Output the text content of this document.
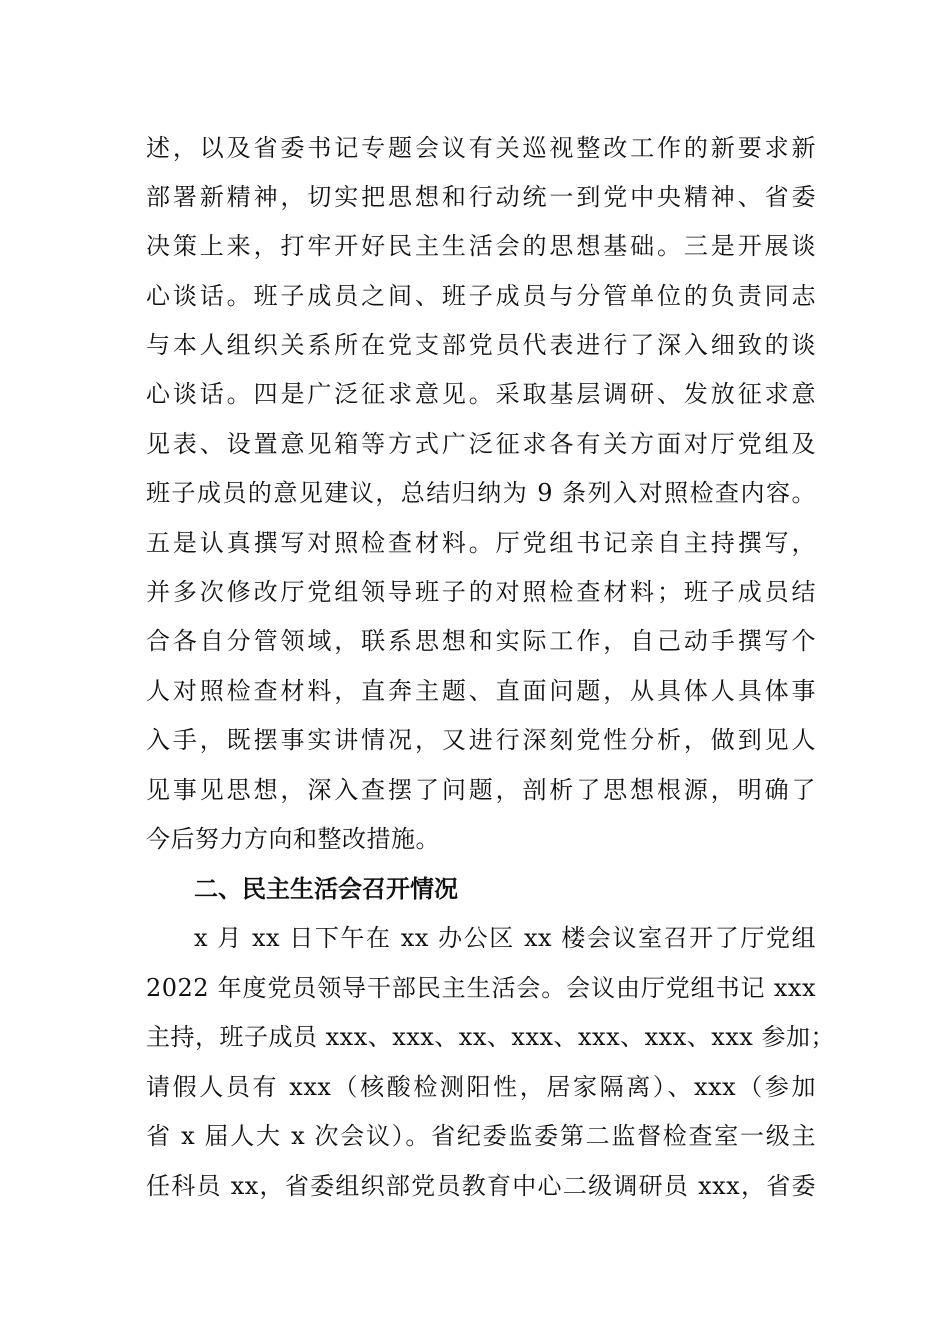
述，以及省委书记专题会议有关巡视整改工作的新要求新
部署新精神，切实把思想和行动统一到党中央精神、省委
决策上来，打牢开好民主生活会的思想基础。三是开展谈
心谈话。班子成员之间、班子成员与分管单位的负责同志
与本人组织关系所在党支部党员代表进行了深入细致的谈
心谈话。四是广泛征求意见。采取基层调研、发放征求意
见表、设置意见箱等方式广泛征求各有关方面对厅党组及
班子成员的意见建议，总结归纳为 9 条列入对照检查内容。
五是认真撰写对照检查材料。厅党组书记亲自主持撰写，
并多次修改厅党组领导班子的对照检查材料；班子成员结
合各自分管领域，联系思想和实际工作，自己动手撰写个
人对照检查材料，直奔主题、直面问题，从具体人具体事
入手，既摆事实讲情况，又进行深刻党性分析，做到见人
见事见思想，深入查摆了问题，剖析了思想根源，明确了
今后努力方向和整改措施。
二、民主生活会召开情况
x 月 xx 日下午在 xx 办公区 xx 楼会议室召开了厅党组
2022 年度党员领导干部民主生活会。会议由厅党组书记 xxx
主持，班子成员 xxx、xxx、xx、xxx、xxx、xxx、xxx 参加；
请假人员有 xxx（核酸检测阳性，居家隔离）、xxx（参加
省 x 届人大 x 次会议）。省纪委监委第二监督检查室一级主
任科员 xx，省委组织部党员教育中心二级调研员 xxx，省委
